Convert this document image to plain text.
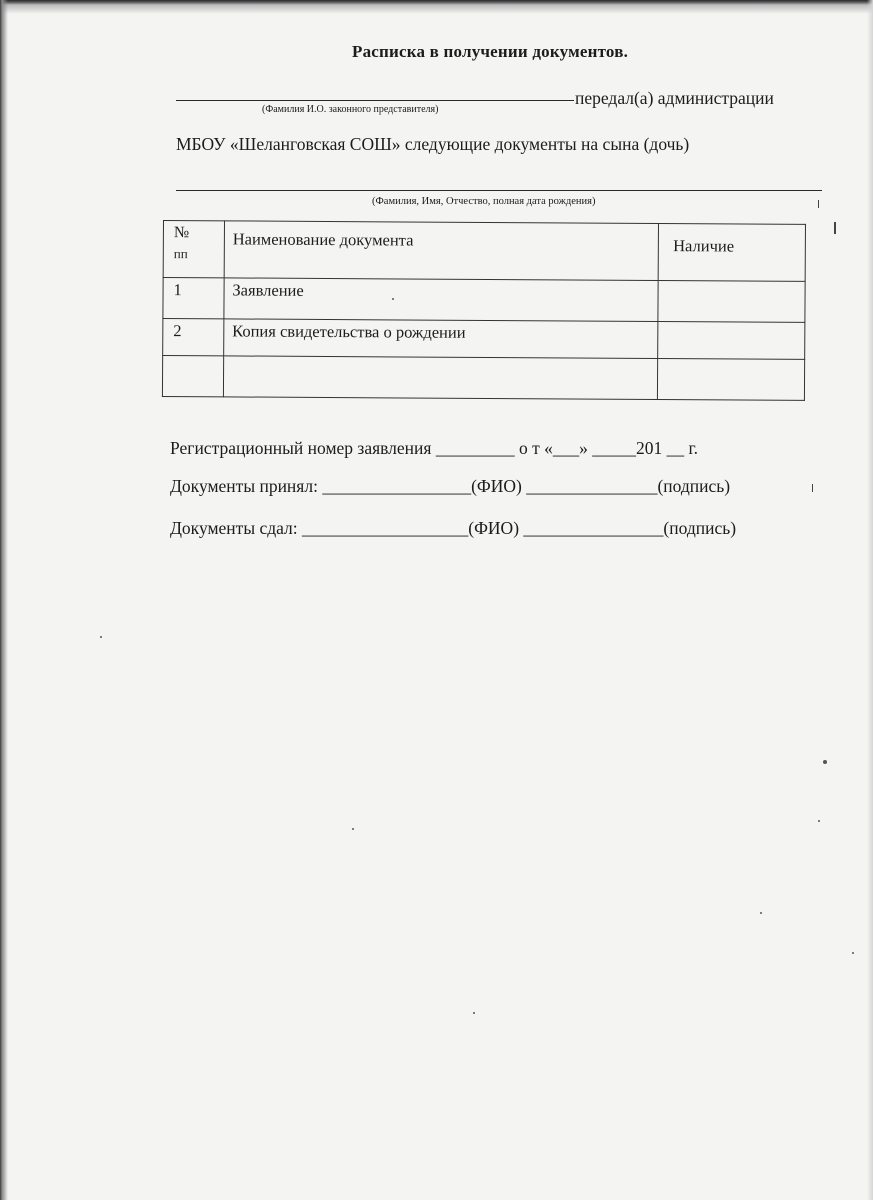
Расписка в получении документов.
передал(а) администрации
(Фамилия И.О. законного представителя)
МБОУ «Шеланговская СОШ» следующие документы на сына (дочь)
(Фамилия, Имя, Отчество, полная дата рождения)
№
пп	Наименование документа	Наличие

1	Заявление	
2	Копия свидетельства о рождении	

Регистрационный номер заявления _________ о т «___» _____201 __ г.
Документы принял: _________________(ФИО) _______________(подпись)
Документы сдал: ___________________(ФИО) ________________(подпись)
